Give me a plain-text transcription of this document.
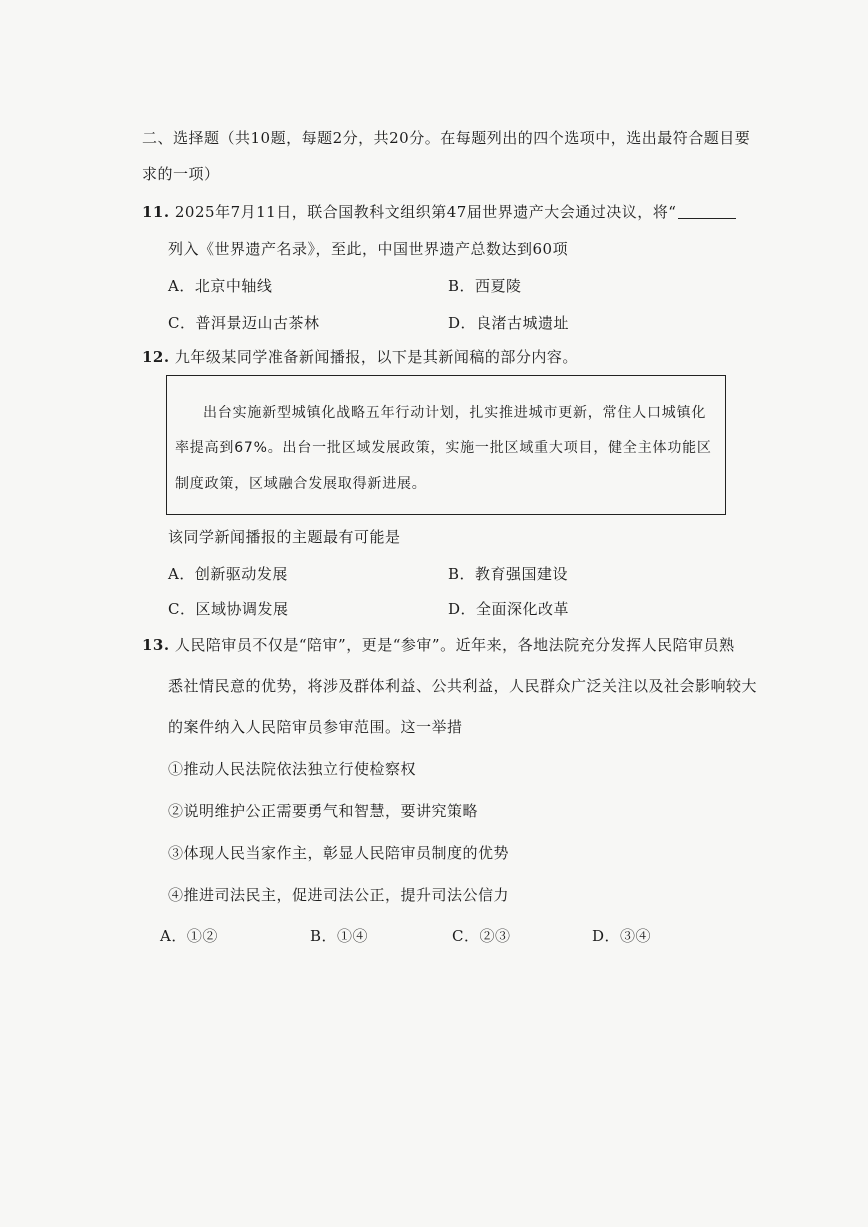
二、选择题（共10题，每题2分，共20分。在每题列出的四个选项中，选出最符合题目要
求的一项）
11. 2025年7月11日，联合国教科文组织第47届世界遗产大会通过决议，将“
列入《世界遗产名录》，至此，中国世界遗产总数达到60项
A．北京中轴线	B．西夏陵
C．普洱景迈山古茶林	D．良渚古城遗址
12. 九年级某同学准备新闻播报，以下是其新闻稿的部分内容。
出台实施新型城镇化战略五年行动计划，扎实推进城市更新，常住人口城镇化
率提高到67%。出台一批区域发展政策，实施一批区域重大项目，健全主体功能区
制度政策，区域融合发展取得新进展。
该同学新闻播报的主题最有可能是
A．创新驱动发展	B．教育强国建设
C．区域协调发展	D．全面深化改革
13. 人民陪审员不仅是“陪审”，更是“参审”。近年来，各地法院充分发挥人民陪审员熟
悉社情民意的优势，将涉及群体利益、公共利益，人民群众广泛关注以及社会影响较大
的案件纳入人民陪审员参审范围。这一举措
①推动人民法院依法独立行使检察权
②说明维护公正需要勇气和智慧，要讲究策略
③体现人民当家作主，彰显人民陪审员制度的优势
④推进司法民主，促进司法公正，提升司法公信力
A．①②	B．①④	C．②③	D．③④
